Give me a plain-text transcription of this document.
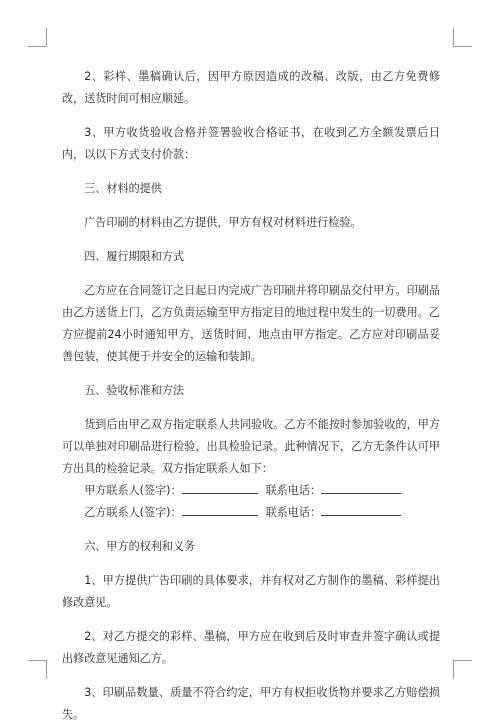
2、彩样、墨稿确认后，因甲方原因造成的改稿、改版，由乙方免费修改，送货时间可相应顺延。

3、甲方收货验收合格并签署验收合格证书，在收到乙方全额发票后日内，以以下方式支付价款：

三、材料的提供

广告印刷的材料由乙方提供，甲方有权对材料进行检验。

四、履行期限和方式

乙方应在合同签订之日起日内完成广告印刷并将印刷品交付甲方。印刷品由乙方送货上门，乙方负责运输至甲方指定目的地过程中发生的一切费用。乙方应提前24小时通知甲方，送货时间、地点由甲方指定。乙方应对印刷品妥善包装，使其便于并安全的运输和装卸。

五、验收标准和方法

货到后由甲乙双方指定联系人共同验收。乙方不能按时参加验收的，甲方可以单独对印刷品进行检验，出具检验记录。此种情况下，乙方无条件认可甲方出具的检验记录。双方指定联系人如下：

甲方联系人(签字)：	联系电话：
乙方联系人(签字)：	联系电话：

六、甲方的权利和义务

1、甲方提供广告印刷的具体要求，并有权对乙方制作的墨稿、彩样提出修改意见。

2、对乙方提交的彩样、墨稿，甲方应在收到后及时审查并签字确认或提出修改意见通知乙方。

3、印刷品数量、质量不符合约定，甲方有权拒收货物并要求乙方赔偿损失。
